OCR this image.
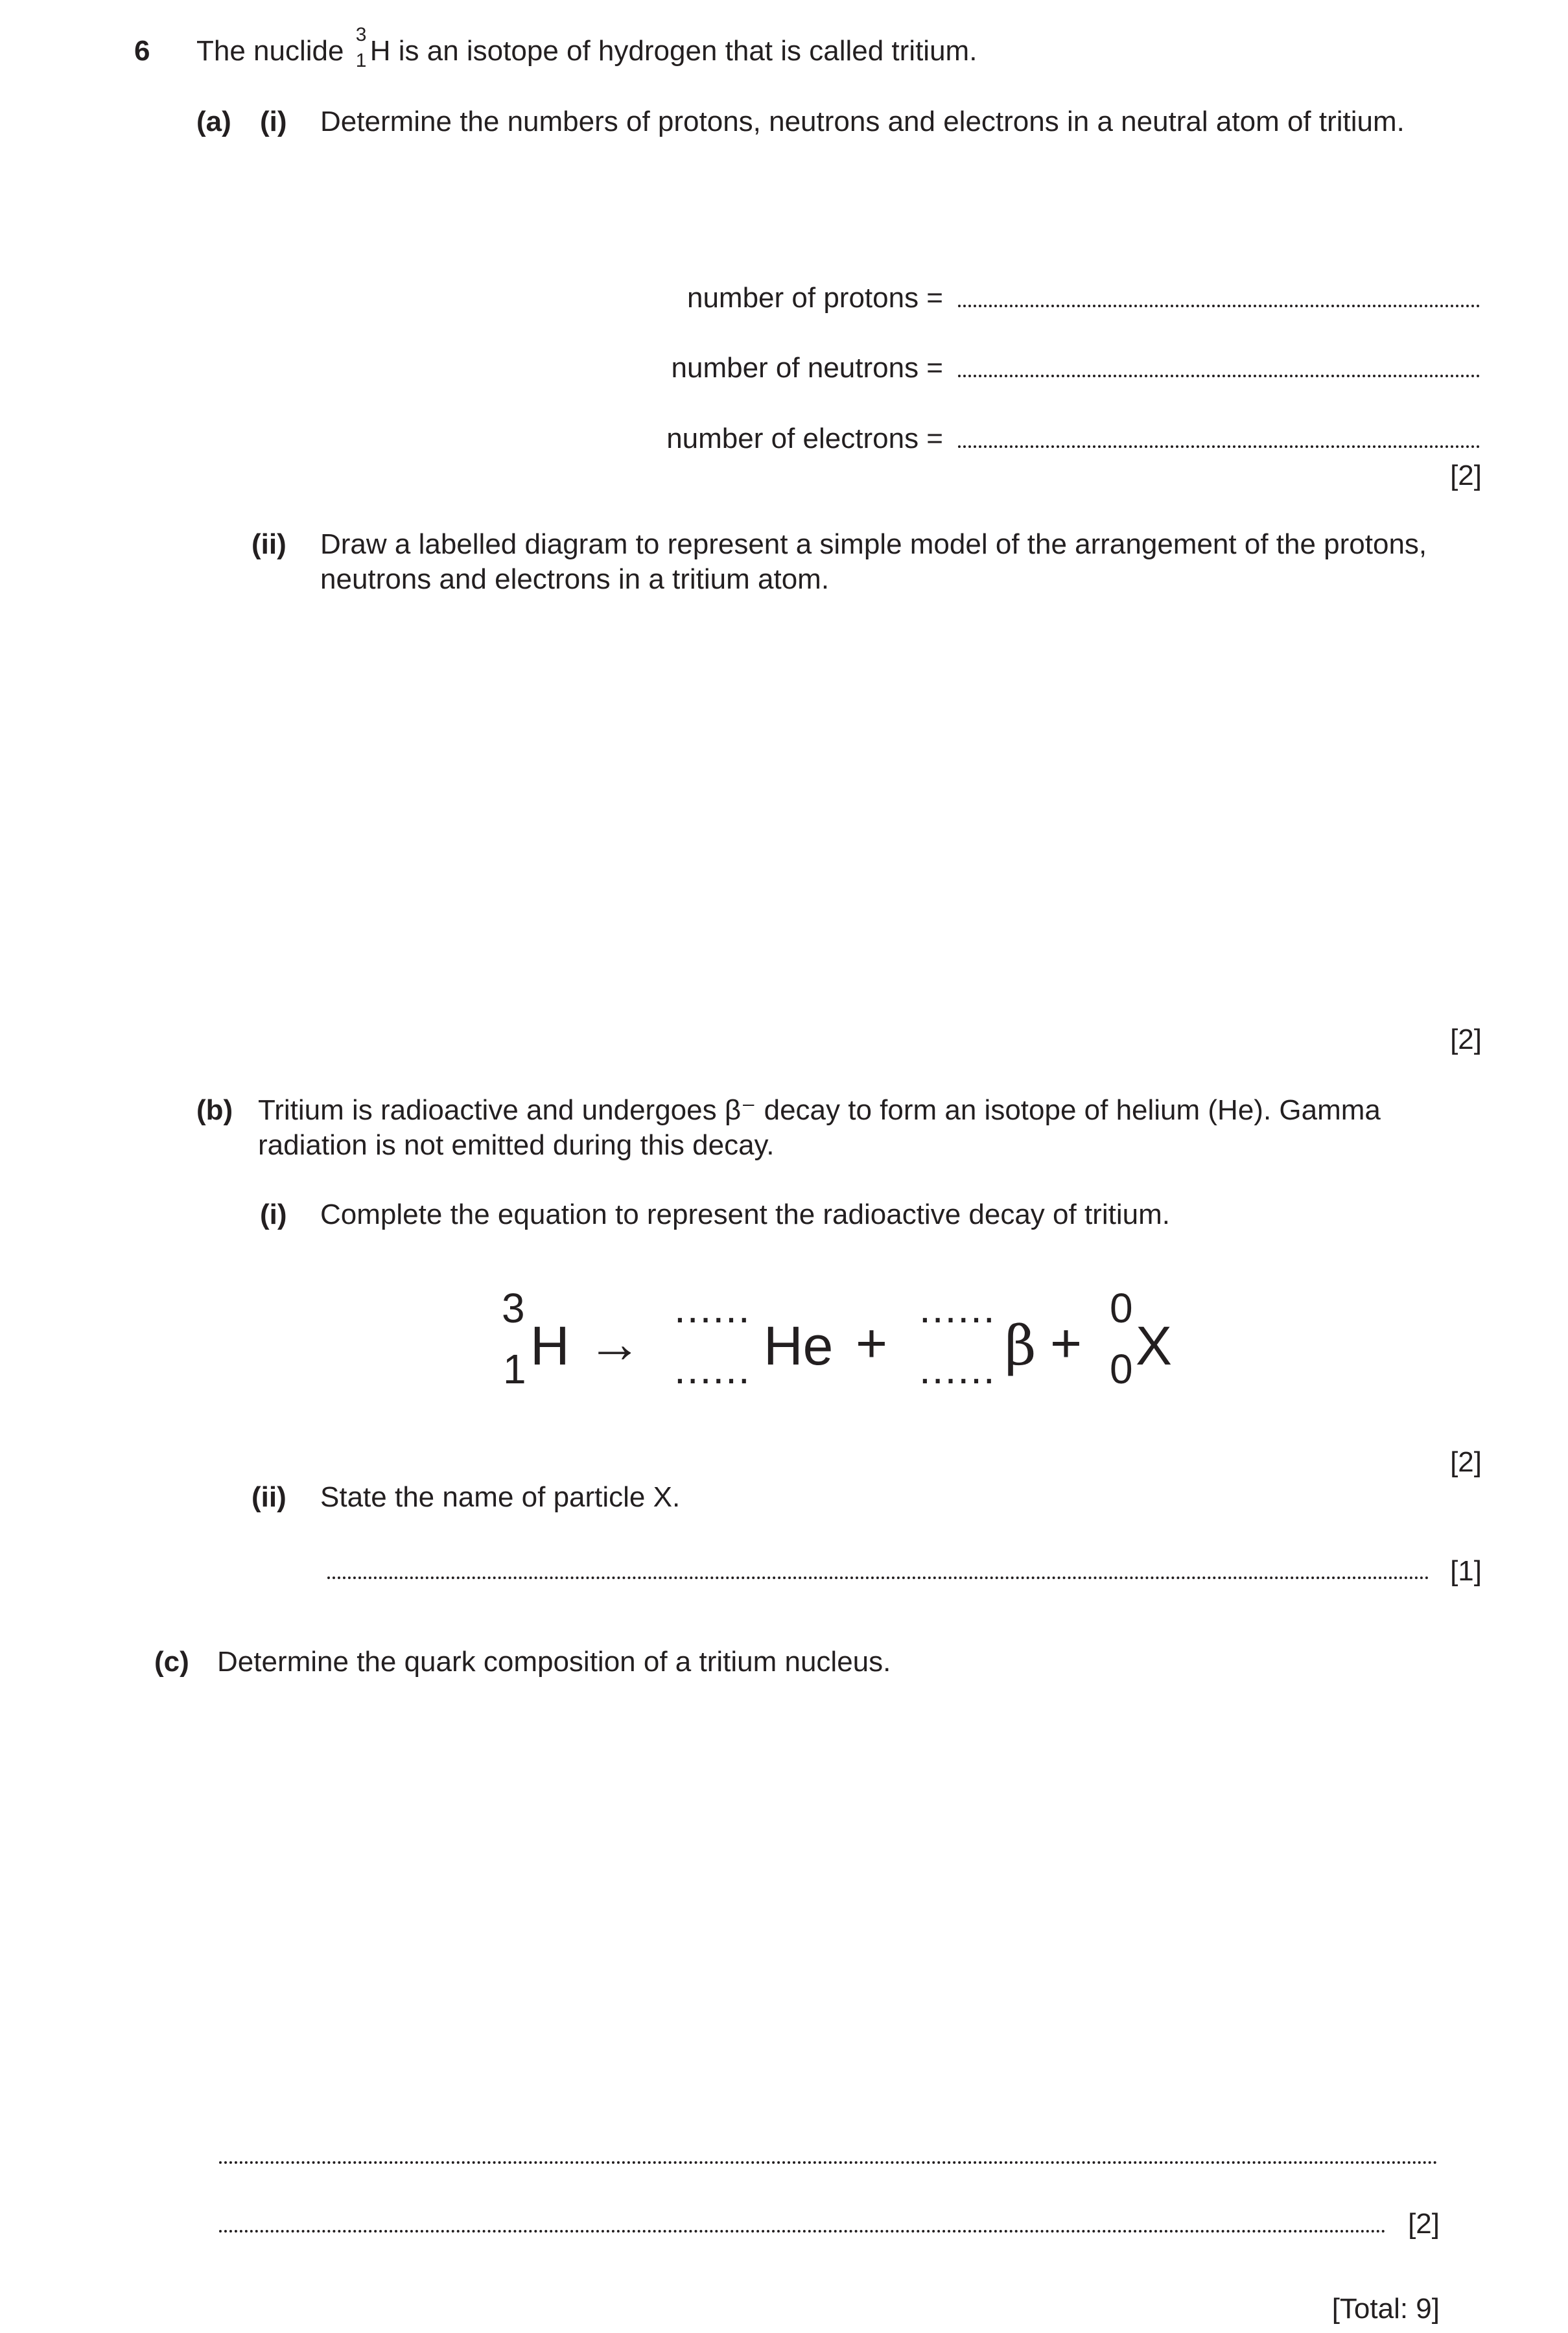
6 The nuclide
3
1 H is an isotope of hydrogen that is called tritium.
(a) (i) Determine the numbers of protons, neutrons and electrons in a neutral atom of tritium.
number of protons =
number of neutrons =
number of electrons =
[2]
(ii) Draw a labelled diagram to represent a simple model of the arrangement of the protons,
neutrons and electrons in a tritium atom.
[2]
(b) Tritium is radioactive and undergoes β⁻ decay to form an isotope of helium (He). Gamma
radiation is not emitted during this decay.
(i) Complete the equation to represent the radioactive decay of tritium.
3
1 H →
......
...... He +
......
...... β +
0
0 X
[2]
(ii) State the name of particle X.
[1]
(c) Determine the quark composition of a tritium nucleus.
[2]
[Total: 9]
